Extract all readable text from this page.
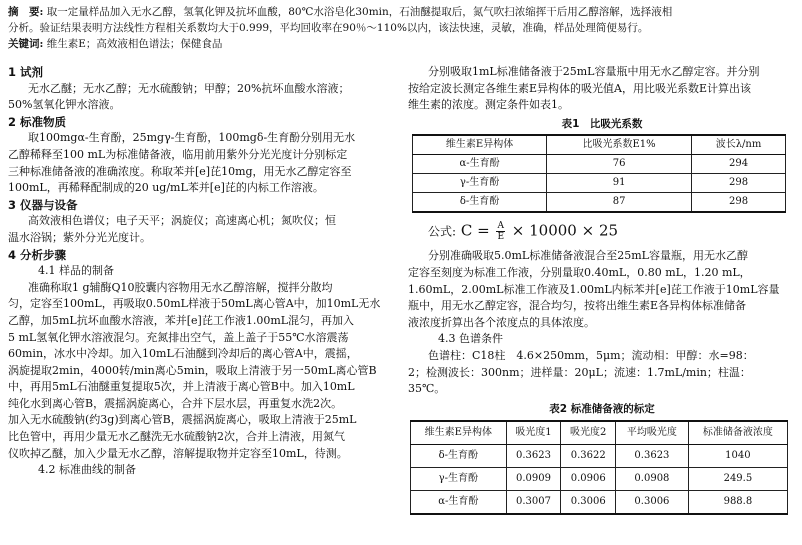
摘　要: 取一定量样品加入无水乙醇，氢氧化钾及抗坏血酸，80℃水浴皂化30min，石油醚提取后，氮气吹扫浓缩挥干后用乙醇溶解，选择液相
分析。验证结果表明方法线性方程相关系数均大于0.999，平均回收率在90％～110%以内，该法快速，灵敏，准确，样品处理简便易行。
关键词: 维生素E；高效液相色谱法；保健食品
1 试剂
无水乙醚；无水乙醇；无水硫酸钠；甲醇；20%抗坏血酸水溶液；
50%氢氧化钾水溶液。
2 标准物质
取100mgα-生育酚，25mgγ-生育酚，100mgδ-生育酚分别用无水
乙醇稀释至100 mL为标准储备液，临用前用紫外分光光度计分别标定
三种标准储备液的准确浓度。称取苯并[e]芘10mg，用无水乙醇定容至
100mL，再稀释配制成的20 ug/mL苯并[e]芘的内标工作溶液。
3 仪器与设备
高效液相色谱仪；电子天平；涡旋仪；高速离心机；氮吹仪；恒
温水浴锅；紫外分光光度计。
4 分析步骤
4.1 样品的制备
准确称取1 g辅酶Q10胶囊内容物用无水乙醇溶解，搅拌分散均
匀，定容至100mL，再吸取0.50mL样液于50mL离心管A中，加10mL无水
乙醇，加5mL抗坏血酸水溶液，苯并[e]芘工作液1.00mL混匀，再加入
5 mL氢氧化钾水溶液混匀。充氮排出空气，盖上盖子于55℃水溶震荡
60min，冰水中冷却。加入10mL石油醚到冷却后的离心管A中，震摇，
涡旋提取2min，4000转/min离心5min，吸取上清液于另一50mL离心管B
中，再用5mL石油醚重复提取5次，并上清液于离心管B中。加入10mL
纯化水到离心管B，震摇涡旋离心，合并下层水层，再重复水洗2次。
加入无水硫酸钠(约3g)到离心管B，震摇涡旋离心，吸取上清液于25mL
比色管中，再用少量无水乙醚洗无水硫酸钠2次，合并上清液，用氮气
仪吹掉乙醚，加入少量无水乙醇，溶解提取物并定容至10mL，待测。
4.2 标准曲线的制备
分别吸取1mL标准储备液于25mL容量瓶中用无水乙醇定容。并分别
按给定波长测定各维生素E异构体的吸光值A，用比吸光系数E计算出该
维生素的浓度。测定条件如表1。
表1　比吸光系数
维生素E异构体	比吸光系数E1%	波长λ/nm
α-生育酚	76	294
γ-生育酚	91	298
δ-生育酚	87	298
公式: $C = \frac{A}{E} \times 10000 \times 25$
分别准确吸取5.0mL标准储备液混合至25mL容量瓶，用无水乙醇
定容至刻度为标准工作液，分别量取0.40mL，0.80 mL，1.20 mL，
1.60mL，2.00mL标准工作液及1.00mL内标苯并[e]芘工作液于10mL容量
瓶中，用无水乙醇定容，混合均匀，按将出维生素E各异构体标准储备
液浓度折算出各个浓度点的具体浓度。
4.3 色谱条件
色谱柱：C18柱　4.6×250mm，5μm；流动相：甲醇：水=98：
2；检测波长：300nm；进样量：20μL；流速：1.7mL/min；柱温：
35℃。
表2 标准储备液的标定
维生素E异构体	吸光度1	吸光度2	平均吸光度	标准储备液浓度
δ-生育酚	0.3623	0.3622	0.3623	1040
γ-生育酚	0.0909	0.0906	0.0908	249.5
α-生育酚	0.3007	0.3006	0.3006	988.8
